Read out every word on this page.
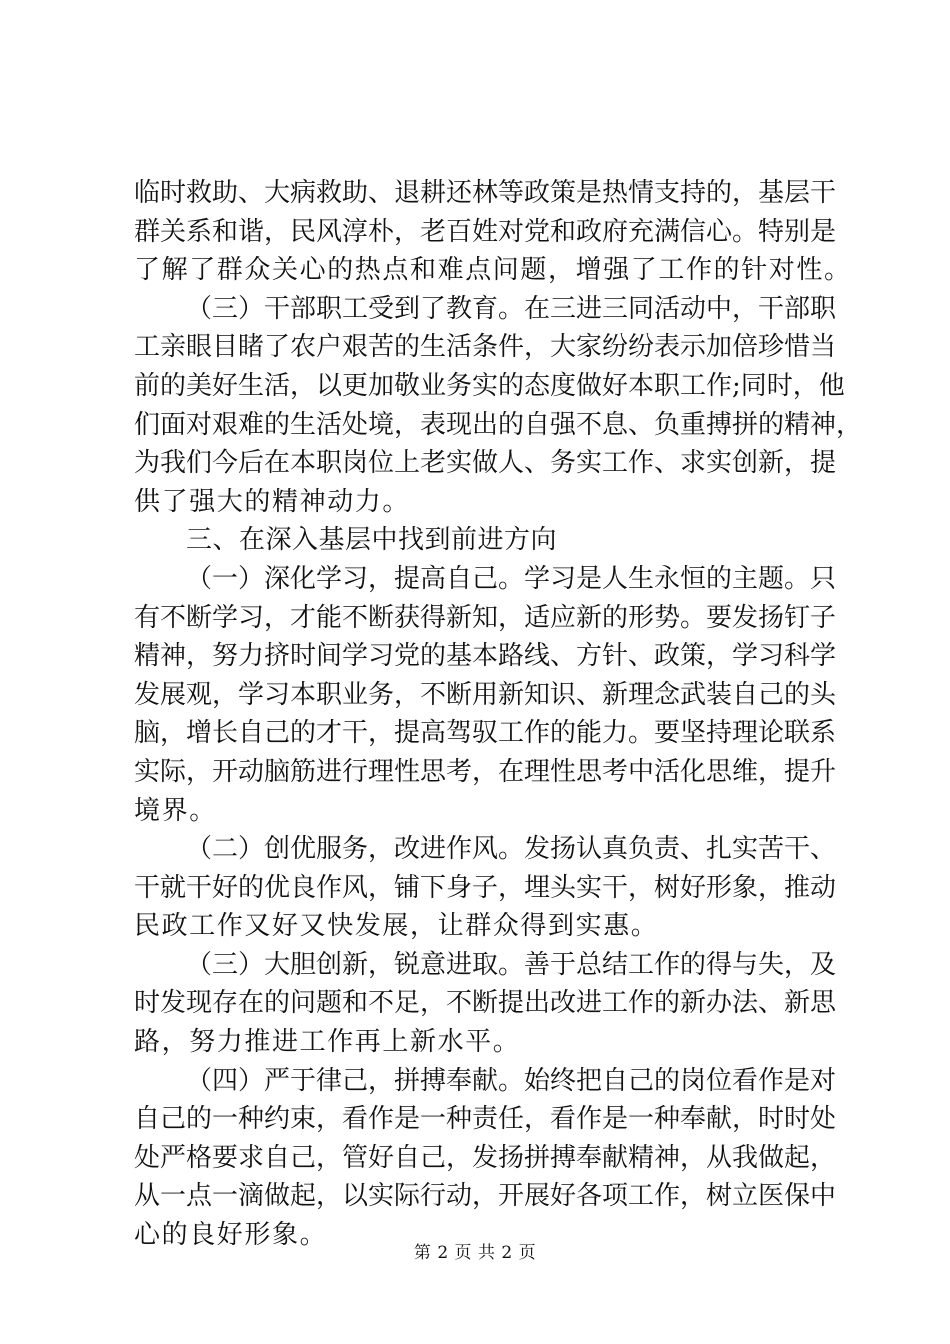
临时救助、大病救助、退耕还林等政策是热情支持的，基层干
群关系和谐，民风淳朴，老百姓对党和政府充满信心。特别是
了解了群众关心的热点和难点问题，增强了工作的针对性。
（三）干部职工受到了教育。在三进三同活动中，干部职
工亲眼目睹了农户艰苦的生活条件，大家纷纷表示加倍珍惜当
前的美好生活，以更加敬业务实的态度做好本职工作;同时，他
们面对艰难的生活处境，表现出的自强不息、负重搏拼的精神，
为我们今后在本职岗位上老实做人、务实工作、求实创新，提
供了强大的精神动力。
三、在深入基层中找到前进方向
（一）深化学习，提高自己。学习是人生永恒的主题。只
有不断学习，才能不断获得新知，适应新的形势。要发扬钉子
精神，努力挤时间学习党的基本路线、方针、政策，学习科学
发展观，学习本职业务，不断用新知识、新理念武装自己的头
脑，增长自己的才干，提高驾驭工作的能力。要坚持理论联系
实际，开动脑筋进行理性思考，在理性思考中活化思维，提升
境界。
（二）创优服务，改进作风。发扬认真负责、扎实苦干、
干就干好的优良作风，铺下身子，埋头实干，树好形象，推动
民政工作又好又快发展，让群众得到实惠。
（三）大胆创新，锐意进取。善于总结工作的得与失，及
时发现存在的问题和不足，不断提出改进工作的新办法、新思
路，努力推进工作再上新水平。
（四）严于律己，拼搏奉献。始终把自己的岗位看作是对
自己的一种约束，看作是一种责任，看作是一种奉献，时时处
处严格要求自己，管好自己，发扬拼搏奉献精神，从我做起，
从一点一滴做起，以实际行动，开展好各项工作，树立医保中
心的良好形象。
第 2 页 共 2 页
